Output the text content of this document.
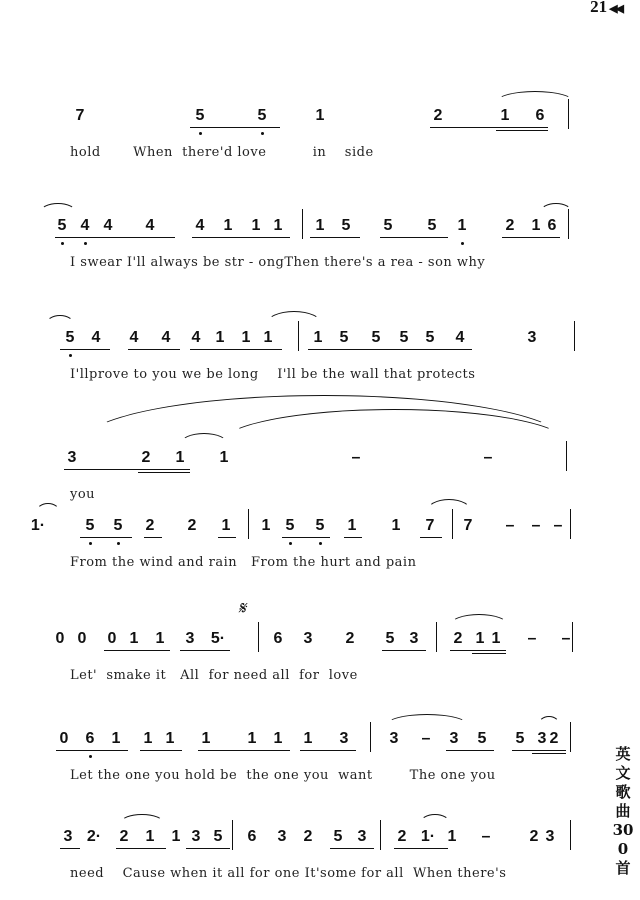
21 ◀◀
英文歌曲300首
7	5	5	1	2	1 6
hold       When  there'd love          in    side
5 4 4 4	4 1 1 1 1 5 5 5 1 2 1 6
I swear I'll always be str - ongThen there's a rea - son why
5 4 4 4 4 1 1 1	1 5 5 5 5 4	3
I'llprove to you we be long    I'll be the wall that protects
3	2 1 1	–	–
you
1·	5 5 2 2 1 1 5 5 1 1 7 7 – – –
From the wind and rain   From the hurt and pain
0 0 0 1 1 3 5·	6 3 2 5 3 2 1 1 – –
Let'  smake it   All  for need all  for  love
𝄋
0 6 1 1 1 1 1 1 1 3	3 – 3 5 5 3 2
Let the one you hold be  the one you  want        The one you
3 2· 2 1 1 3 5 6 3 2 5 3 2 1· 1 – 2 3
need    Cause when it all for one It'some for all  When there's
